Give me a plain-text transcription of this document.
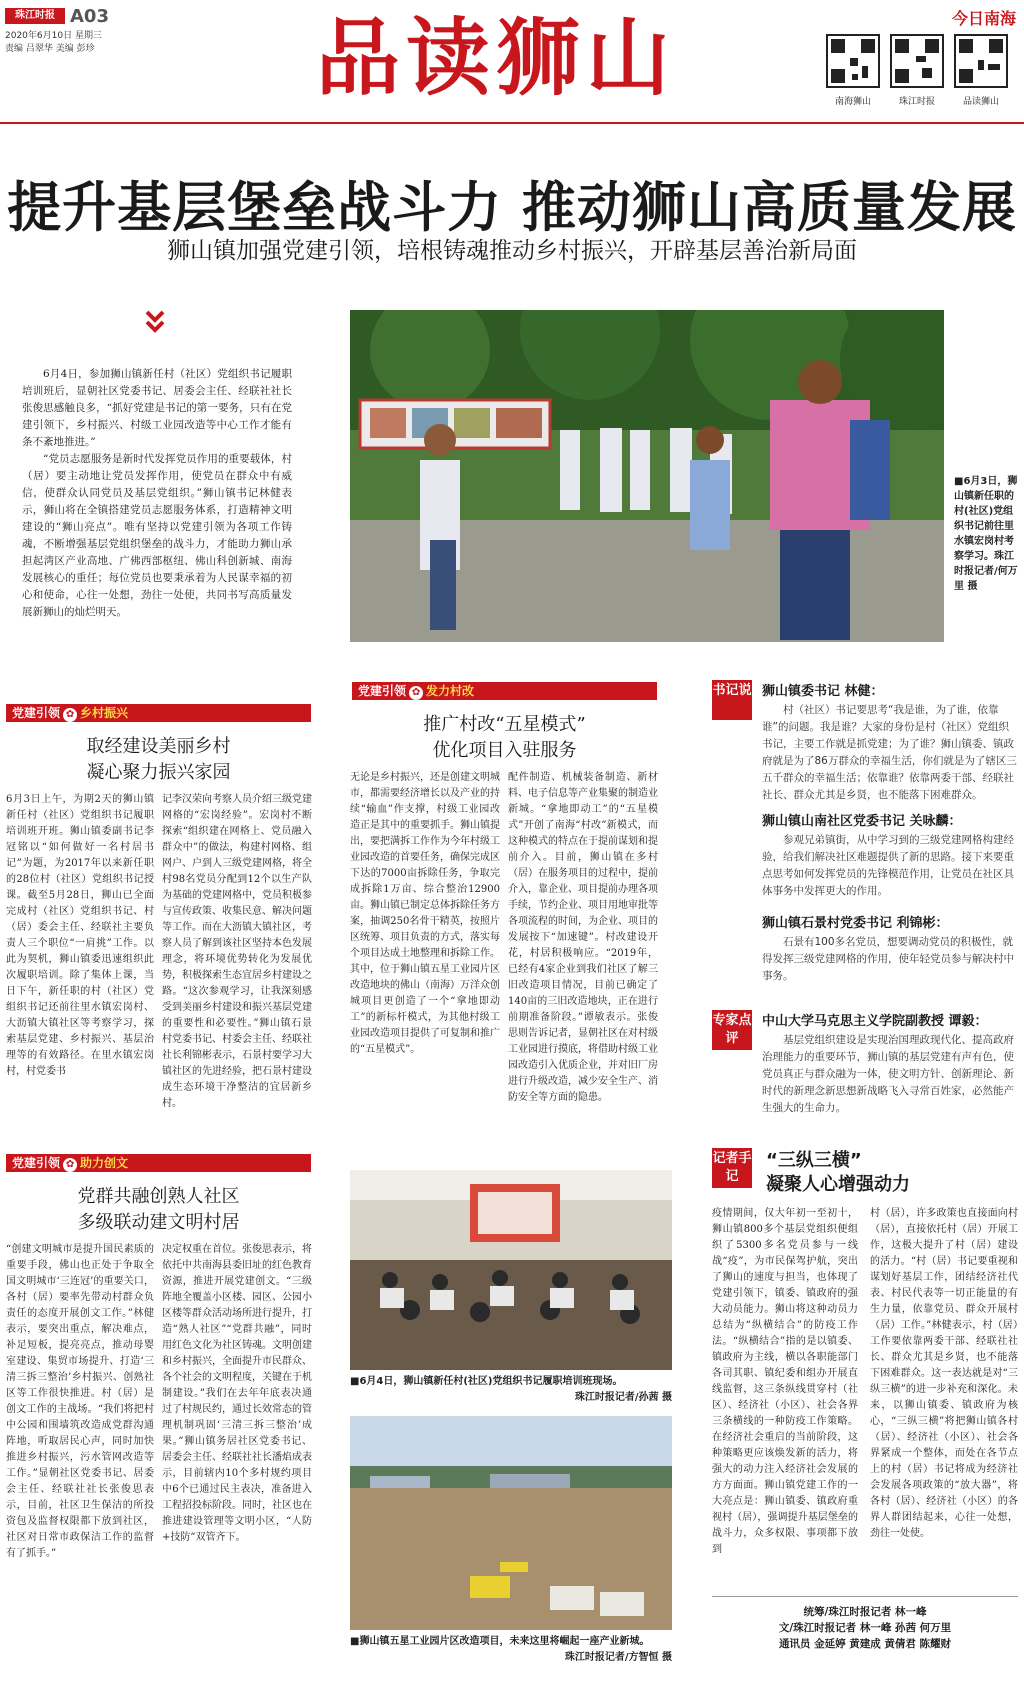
珠江时报 A03
2020年6月10日 星期三
责编 吕翠华 美编 彭珍	品读狮山	今日南海
南海狮山	珠江时报	品读狮山
提升基层堡垒战斗力 推动狮山高质量发展
狮山镇加强党建引领，培根铸魂推动乡村振兴，开辟基层善治新局面

6月4日，参加狮山镇新任村（社区）党组织书记履职培训班后，显朝社区党委书记、居委会主任、经联社社长张俊思感触良多，“抓好党建是书记的第一要务，只有在党建引领下，乡村振兴、村级工业园改造等中心工作才能有条不紊地推进。”

“党员志愿服务是新时代发挥党员作用的重要载体，村（居）要主动地让党员发挥作用，使党员在群众中有威信，使群众认同党员及基层党组织。”狮山镇书记林健表示，狮山将在全镇搭建党员志愿服务体系，打造精神文明建设的“狮山亮点”。唯有坚持以党建引领为各项工作铸魂，不断增强基层党组织堡垒的战斗力，才能助力狮山承担起湾区产业高地、广佛西部枢纽、佛山科创新城、南海发展核心的重任；每位党员也要秉承着为人民谋幸福的初心和使命，心往一处想，劲往一处使，共同书写高质量发展新狮山的灿烂明天。

■6月3日，狮山镇新任职的村(社区)党组织书记前往里水镇宏岗村考察学习。珠江时报记者/何万里 摄
党建引领 ✿ 乡村振兴
取经建设美丽乡村
凝心聚力振兴家园
6月3日上午，为期2天的狮山镇新任村（社区）党组织书记履职培训班开班。狮山镇委副书记李冠铭以“如何做好一名村居书记”为题，为2017年以来新任职的28位村（社区）党组织书记授课。截至5月28日，狮山已全面完成村（社区）党组织书记、村（居）委会主任、经联社主要负责人三个职位“一肩挑”工作。以此为契机，狮山镇委迅速组织此次履职培训。除了集体上课，当日下午，新任职的村（社区）党组织书记还前往里水镇宏岗村、大沥镇大镇社区等考察学习，探索基层党建、乡村振兴、基层治理等的有效路径。在里水镇宏岗村，村党委书
记李汉荣向考察人员介绍三级党建网格的“宏岗经验”。宏岗村不断探索“组织建在网格上、党员融入群众中”的做法，构建村网格、组网户、户到人三级党建网格，将全村98名党员分配到12个以生产队为基础的党建网格中，党员积极参与宣传政策、收集民意、解决问题等工作。而在大沥镇大镇社区，考察人员了解到该社区坚持本色发展理念，将环境优势转化为发展优势，积极探索生态宜居乡村建设之路。“这次参观学习，让我深刻感受到美丽乡村建设和振兴基层党建的重要性和必要性。”狮山镇石景村党委书记、村委会主任、经联社社长利锦彬表示，石景村要学习大镇社区的先进经验，把石景村建设成生态环境干净整洁的宜居新乡村。
党建引领 ✿ 发力村改
推广村改“五星模式”
优化项目入驻服务
无论是乡村振兴，还是创建文明城市，都需要经济增长以及产业的持续“输血”作支撑，村级工业园改造正是其中的重要抓手。狮山镇提出，要把满拆工作作为今年村级工业园改造的首要任务，确保完成区下达的7000亩拆除任务，争取完成拆除1万亩、综合整治12900亩。狮山镇已制定总体拆除任务方案，抽调250名骨干精英，按照片区统筹、项目负责的方式，落实每个项目达成土地整理和拆除工作。其中，位于狮山镇五星工业园片区改造地块的佛山（南海）万洋众创城项目更创造了一个“拿地即动工”的新标杆模式，为其他村级工业园改造项目提供了可复制和推广的“五星模式”。
配件制造、机械装备制造、新材料、电子信息等产业集聚的制造业新城。“拿地即动工”的“五星模式”开创了南海“村改”新模式，而这种模式的特点在于提前谋划和提前介入。目前，狮山镇在多村（居）在服务项目的过程中，提前介入，靠企业、项目提前办理各项手续，节约企业、项目用地审批等各项流程的时间，为企业、项目的发展按下“加速键”。村改建设开花，村居积极响应。“2019年，已经有4家企业到我们社区了解三旧改造项目情况，目前已确定了140亩的三旧改造地块，正在进行前期准备阶段。”谭敏表示。张俊思则告诉记者，显朝社区在对村级工业园进行摸底，将借助村级工业园改造引入优质企业，并对旧厂房进行升级改造，减少安全生产、消防安全等方面的隐患。
党建引领 ✿ 助力创文
党群共融创熟人社区
多级联动建文明村居
“创建文明城市是提升国民素质的重要手段，佛山也正处于争取全国文明城市‘三连冠’的重要关口，各村（居）要率先带动村群众负责任的态度开展创文工作。”林健表示，要突出重点，解决难点，补足短板，提亮亮点，推动母婴室建设、集贸市场提升、打造‘三清三拆三整治’乡村振兴、创熟社区等工作很快推进。村（居）是创文工作的主战场。“我们将把村中公园和围墙筑改造成党群沟通阵地，听取居民心声，同时加快推进乡村振兴，污水管网改造等工作。”显朝社区党委书记、居委会主任、经联社社长张俊思表示，目前，社区卫生保洁的所投资包及监督权限都下放到社区，社区对日常市政保洁工作的监督有了抓手。”
决定权重在首位。张俊思表示，将依托中共南海县委旧址的红色教育资源，推进开展党建创文。“三级阵地全覆盖小区楼、园区、公园小区楼等群众活动场所进行提升，打造“熟人社区”“党群共融”，同时用红色文化为社区铸魂。文明创建和乡村振兴，全面提升市民群众、各个社会的文明程度，关键在于机制建设。”我们在去年年底表决通过了村规民约，通过长效常态的管理机制巩固‘三清三拆三整治’成果。”狮山镇务居社区党委书记、居委会主任、经联社社长潘焰成表示，目前辖内10个多村规约项目中6个已通过民主表决，准备进入工程招投标阶段。同时，社区也在推进建设管理等文明小区，“人防+技防”双管齐下。
■6月4日，狮山镇新任村(社区)党组织书记履职培训班现场。
珠江时报记者/孙茜 摄
■狮山镇五星工业园片区改造项目，未来这里将崛起一座产业新城。
珠江时报记者/方智恒 摄
书记说 狮山镇委书记 林健：
村（社区）书记要思考“我是谁，为了谁，依靠谁”的问题。我是谁？大家的身份是村（社区）党组织书记，主要工作就是抓党建；为了谁？狮山镇委、镇政府就是为了86万群众的幸福生活，你们就是为了辖区三五千群众的幸福生活；依靠谁？依靠两委干部、经联社社长、群众尤其是乡贤，也不能落下困难群众。
狮山镇山南社区党委书记 关咏麟：
参观兄弟镇街，从中学习到的三级党建网格构建经验，给我们解决社区难题提供了新的思路。接下来要重点思考如何发挥党员的先锋模范作用，让党员在社区具体事务中发挥更大的作用。
狮山镇石景村党委书记 利锦彬：
石景有100多名党员，想要调动党员的积极性，就得发挥三级党建网格的作用，使年轻党员参与解决村中事务。
专家点评
中山大学马克思主义学院副教授 谭毅：
基层党组织建设是实现治国理政现代化、提高政府治理能力的重要环节，狮山镇的基层党建有声有色，使党员真正与群众融为一体，使文明方针、创新理论、新时代的新理念新思想新战略飞入寻常百姓家，必然能产生强大的生命力。
记者手记
“三纵三横”
凝聚人心增强动力
疫情期间，仅大年初一至初十，狮山镇800多个基层党组织便组织了5300多名党员参与一线战“疫”，为市民保驾护航，突出了狮山的速度与担当，也体现了党建引领下，镇委、镇政府的强大动员能力。狮山将这种动员力总结为“纵横结合”的防疫工作法。“纵横结合”指的是以镇委、镇政府为主线，横以各职能部门各司其职、镇纪委和组办开展直线监督，这三条纵线贯穿村（社区）、经济社（小区）、社会各界三条横线的一种防疫工作策略。在经济社会重启的当前阶段，这种策略更应该焕发新的活力，将强大的动力注入经济社会发展的方方面面。狮山镇党建工作的一大亮点是：狮山镇委、镇政府重视村（居），强调提升基层堡垒的战斗力，众多权限、事项都下放到
村（居），许多政策也直接面向村（居），直接依托村（居）开展工作，这极大提升了村（居）建设的活力。“村（居）书记要重视和谋划好基层工作，团结经济社代表、村民代表等一切正能量的有生力量，依靠党员、群众开展村（居）工作。”林健表示，村（居）工作要依靠两委干部、经联社社长、群众尤其是乡贤，也不能落下困难群众。这一表达就是对“三纵三横”的进一步补充和深化。未来，以狮山镇委、镇政府为核心，“三纵三横”将把狮山镇各村（居）、经济社（小区）、社会各界紧成一个整体，而处在各节点上的村（居）书记将成为经济社会发展各项政策的“放大器”，将各村（居）、经济社（小区）的各界人群团结起来，心往一处想，劲往一处使。
统筹/珠江时报记者 林一峰
文/珠江时报记者 林一峰 孙茜 何万里
通讯员 金延婷 黄建成 黄倩君 陈耀财
